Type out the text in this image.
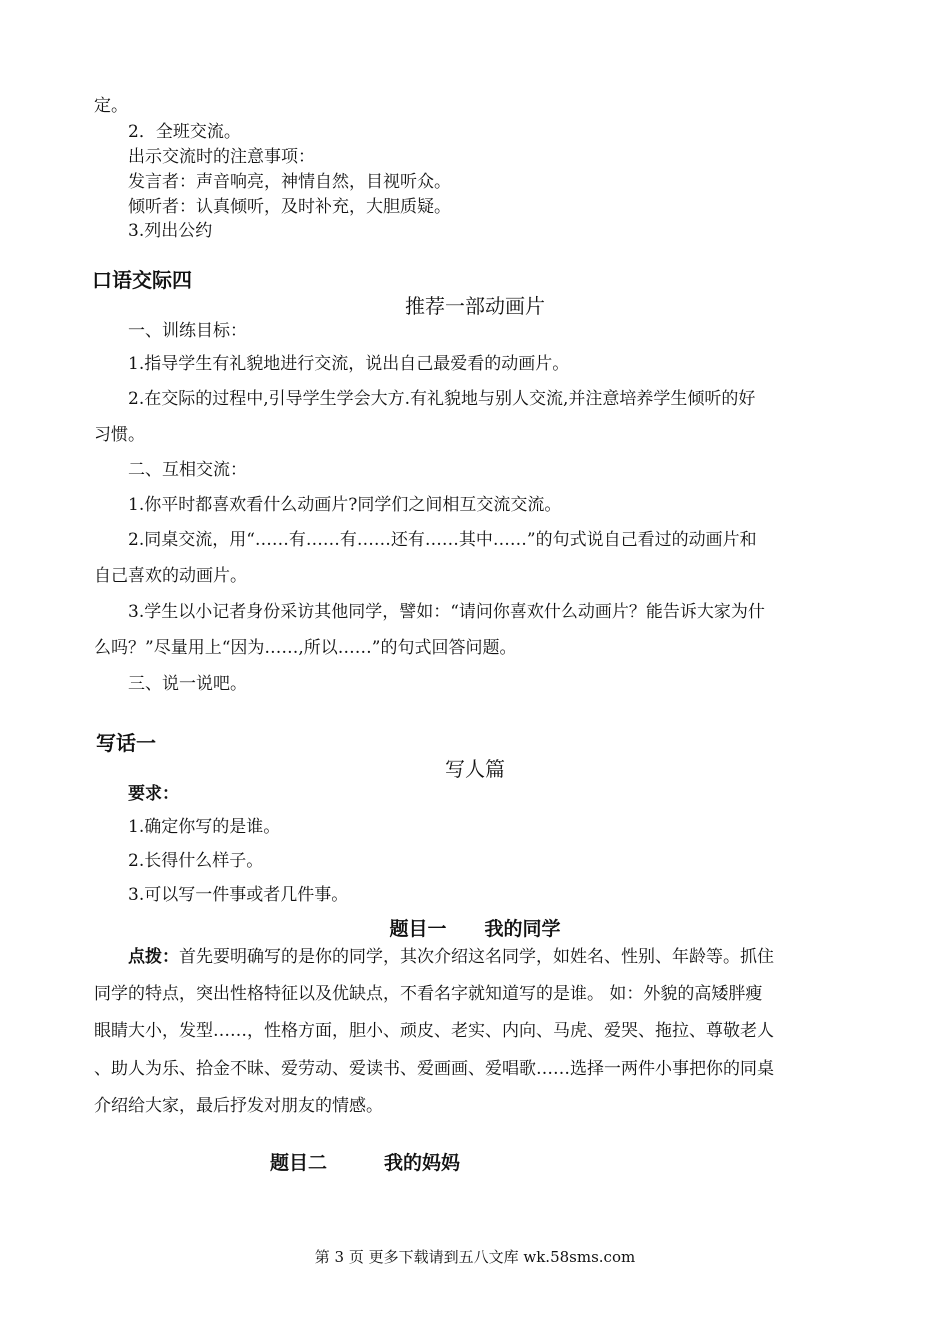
定。
2．全班交流。
出示交流时的注意事项：
发言者：声音响亮，神情自然，目视听众。
倾听者：认真倾听，及时补充，大胆质疑。
3.列出公约
口语交际四
推荐一部动画片
一、训练目标：
1.指导学生有礼貌地进行交流，说出自己最爱看的动画片。
2.在交际的过程中,引导学生学会大方.有礼貌地与别人交流,并注意培养学生倾听的好
习惯。
二、互相交流：
1.你平时都喜欢看什么动画片?同学们之间相互交流交流。
2.同桌交流，用“……有……有……还有……其中……”的句式说自己看过的动画片和
自己喜欢的动画片。
3.学生以小记者身份采访其他同学，譬如：“请问你喜欢什么动画片？能告诉大家为什
么吗？”尽量用上“因为……,所以……”的句式回答问题。
三、说一说吧。
写话一
写人篇
要求：
1.确定你写的是谁。
2.长得什么样子。
3.可以写一件事或者几件事。
题目一　　我的同学
点拨：首先要明确写的是你的同学，其次介绍这名同学，如姓名、性别、年龄等。抓住
同学的特点，突出性格特征以及优缺点，不看名字就知道写的是谁。 如：外貌的高矮胖瘦
眼睛大小，发型……，性格方面，胆小、顽皮、老实、内向、马虎、爱哭、拖拉、尊敬老人
、助人为乐、拾金不昧、爱劳动、爱读书、爱画画、爱唱歌……选择一两件小事把你的同桌
介绍给大家，最后抒发对朋友的情感。
题目二　　　我的妈妈
第 3 页 更多下载请到五八文库 wk.58sms.com
